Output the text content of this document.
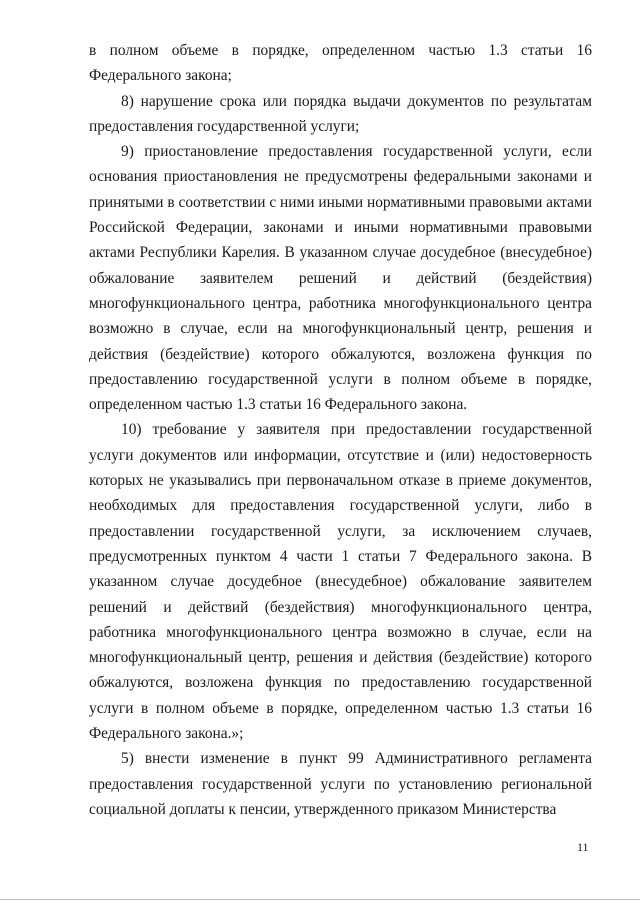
в полном объеме в порядке, определенном частью 1.3 статьи 16 Федерального закона;

8) нарушение срока или порядка выдачи документов по результатам предоставления государственной услуги;

9) приостановление предоставления государственной услуги, если основания приостановления не предусмотрены федеральными законами и принятыми в соответствии с ними иными нормативными правовыми актами Российской Федерации, законами и иными нормативными правовыми актами Республики Карелия. В указанном случае досудебное (внесудебное) обжалование заявителем решений и действий (бездействия) многофункционального центра, работника многофункционального центра возможно в случае, если на многофункциональный центр, решения и действия (бездействие) которого обжалуются, возложена функция по предоставлению государственной услуги в полном объеме в порядке, определенном частью 1.3 статьи 16 Федерального закона.

10) требование у заявителя при предоставлении государственной услуги документов или информации, отсутствие и (или) недостоверность которых не указывались при первоначальном отказе в приеме документов, необходимых для предоставления государственной услуги, либо в предоставлении государственной услуги, за исключением случаев, предусмотренных пунктом 4 части 1 статьи 7 Федерального закона. В указанном случае досудебное (внесудебное) обжалование заявителем решений и действий (бездействия) многофункционального центра, работника многофункционального центра возможно в случае, если на многофункциональный центр, решения и действия (бездействие) которого обжалуются, возложена функция по предоставлению государственной услуги в полном объеме в порядке, определенном частью 1.3 статьи 16 Федерального закона.»;

5) внести изменение в пункт 99 Административного регламента предоставления государственной услуги по установлению региональной социальной доплаты к пенсии, утвержденного приказом Министерства

11
